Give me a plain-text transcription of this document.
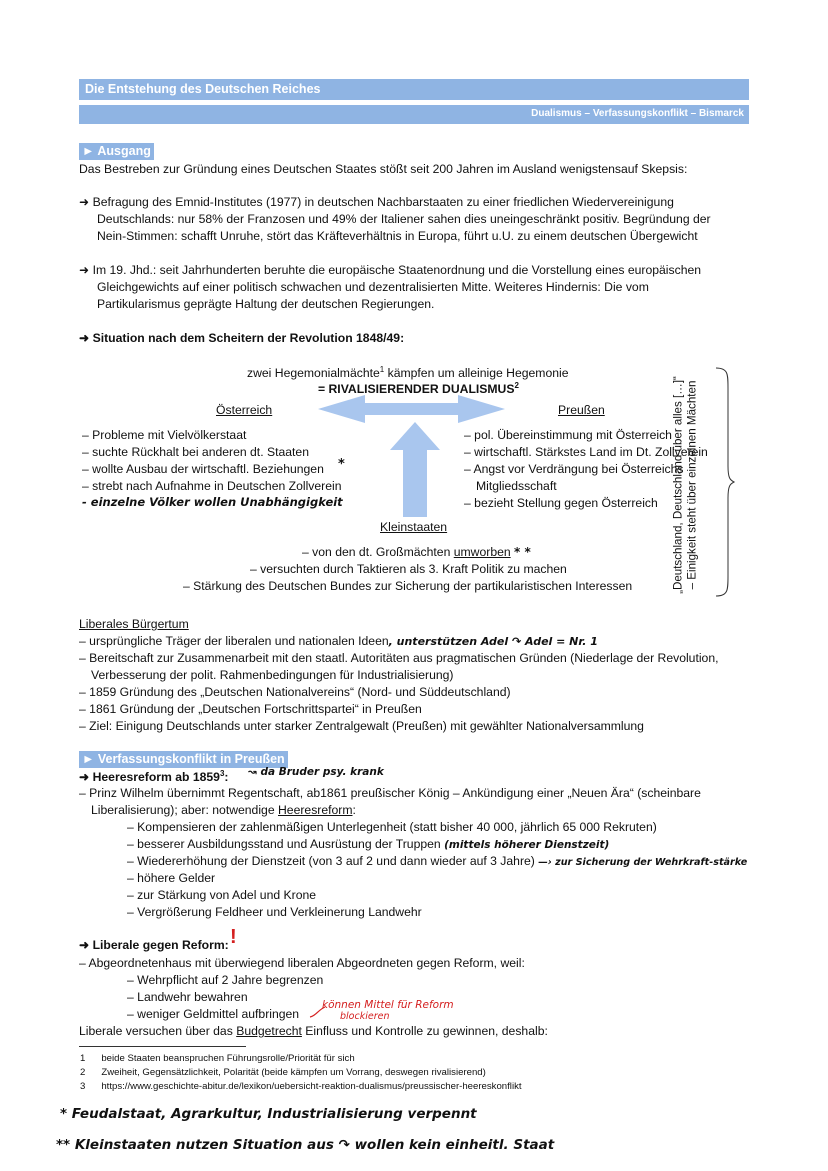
Die Entstehung des Deutschen Reiches
Dualismus – Verfassungskonflikt – Bismarck
► Ausgang
Das Bestreben zur Gründung eines Deutschen Staates stößt seit 200 Jahren im Ausland wenigstensauf Skepsis:
➜ Befragung des Emnid-Institutes (1977) in deutschen Nachbarstaaten zu einer friedlichen Wiedervereinigung
Deutschlands: nur 58% der Franzosen und 49% der Italiener sahen dies uneingeschränkt positiv. Begründung der
Nein-Stimmen: schafft Unruhe, stört das Kräfteverhältnis in Europa, führt u.U. zu einem deutschen Übergewicht
➜ Im 19. Jhd.: seit Jahrhunderten beruhte die europäische Staatenordnung und die Vorstellung eines europäischen
Gleichgewichts auf einer politisch schwachen und dezentralisierten Mitte. Weiteres Hindernis: Die vom
Partikularismus geprägte Haltung der deutschen Regierungen.
➜ Situation nach dem Scheitern der Revolution 1848/49:
zwei Hegemonialmächte$^1$ kämpfen um alleinige Hegemonie
= RIVALISIERENDER DUALISMUS$^2$
Österreich
– Probleme mit Vielvölkerstaat
– suchte Rückhalt bei anderen dt. Staaten
– wollte Ausbau der wirtschaftl. Beziehungen *
– strebt nach Aufnahme in Deutschen Zollverein
- einzelne Völker wollen Unabhängigkeit
Preußen
– pol. Übereinstimmung mit Österreich
– wirtschaftl. Stärkstes Land im Dt. Zollverein
– Angst vor Verdrängung bei Österreichs
Mitgliedsschaft
– bezieht Stellung gegen Österreich
Kleinstaaten
– von den dt. Großmächten umworben * *
– versuchten durch Taktieren als 3. Kraft Politik zu machen
– Stärkung des Deutschen Bundes zur Sicherung der partikularistischen Interessen	„Deutschland, Deutschland über alles […]“ – Einigkeit steht über einzelnen Mächten
Liberales Bürgertum
– ursprüngliche Träger der liberalen und nationalen Ideen, unterstützen Adel ↷ Adel = Nr. 1
– Bereitschaft zur Zusammenarbeit mit den staatl. Autoritäten aus pragmatischen Gründen (Niederlage der Revolution,
Verbesserung der polit. Rahmenbedingungen für Industrialisierung)
– 1859 Gründung des „Deutschen Nationalvereins“ (Nord- und Süddeutschland)
– 1861 Gründung der „Deutschen Fortschrittspartei“ in Preußen
– Ziel: Einigung Deutschlands unter starker Zentralgewalt (Preußen) mit gewählter Nationalversammlung
► Verfassungskonflikt in Preußen
➜ Heeresreform ab 1859$^3$: ↝ da Bruder psy. krank
– Prinz Wilhelm übernimmt Regentschaft, ab1861 preußischer König – Ankündigung einer „Neuen Ära“ (scheinbare
Liberalisierung); aber: notwendige Heeresreform:
– Kompensieren der zahlenmäßigen Unterlegenheit (statt bisher 40 000, jährlich 65 000 Rekruten)
– besserer Ausbildungsstand und Ausrüstung der Truppen (mittels höherer Dienstzeit)
– Wiedererhöhung der Dienstzeit (von 3 auf 2 und dann wieder auf 3 Jahre) —› zur Sicherung der Wehrkraft-stärke
– höhere Gelder
– zur Stärkung von Adel und Krone
– Vergrößerung Feldheer und Verkleinerung Landwehr
➜ Liberale gegen Reform: !
– Abgeordnetenhaus mit überwiegend liberalen Abgeordneten gegen Reform, weil:
– Wehrpflicht auf 2 Jahre begrenzen
– Landwehr bewahren
– weniger Geldmittel aufbringen
können Mittel für Reform
blockieren
Liberale versuchen über das Budgetrecht Einfluss und Kontrolle zu gewinnen, deshalb:
1 beide Staaten beanspruchen Führungsrolle/Priorität für sich
2 Zweiheit, Gegensätzlichkeit, Polarität (beide kämpfen um Vorrang, deswegen rivalisierend)
3 https://www.geschichte-abitur.de/lexikon/uebersicht-reaktion-dualismus/preussischer-heereskonflikt
* Feudalstaat, Agrarkultur, Industrialisierung verpennt
** Kleinstaaten nutzen Situation aus ↷ wollen kein einheitl. Staat
